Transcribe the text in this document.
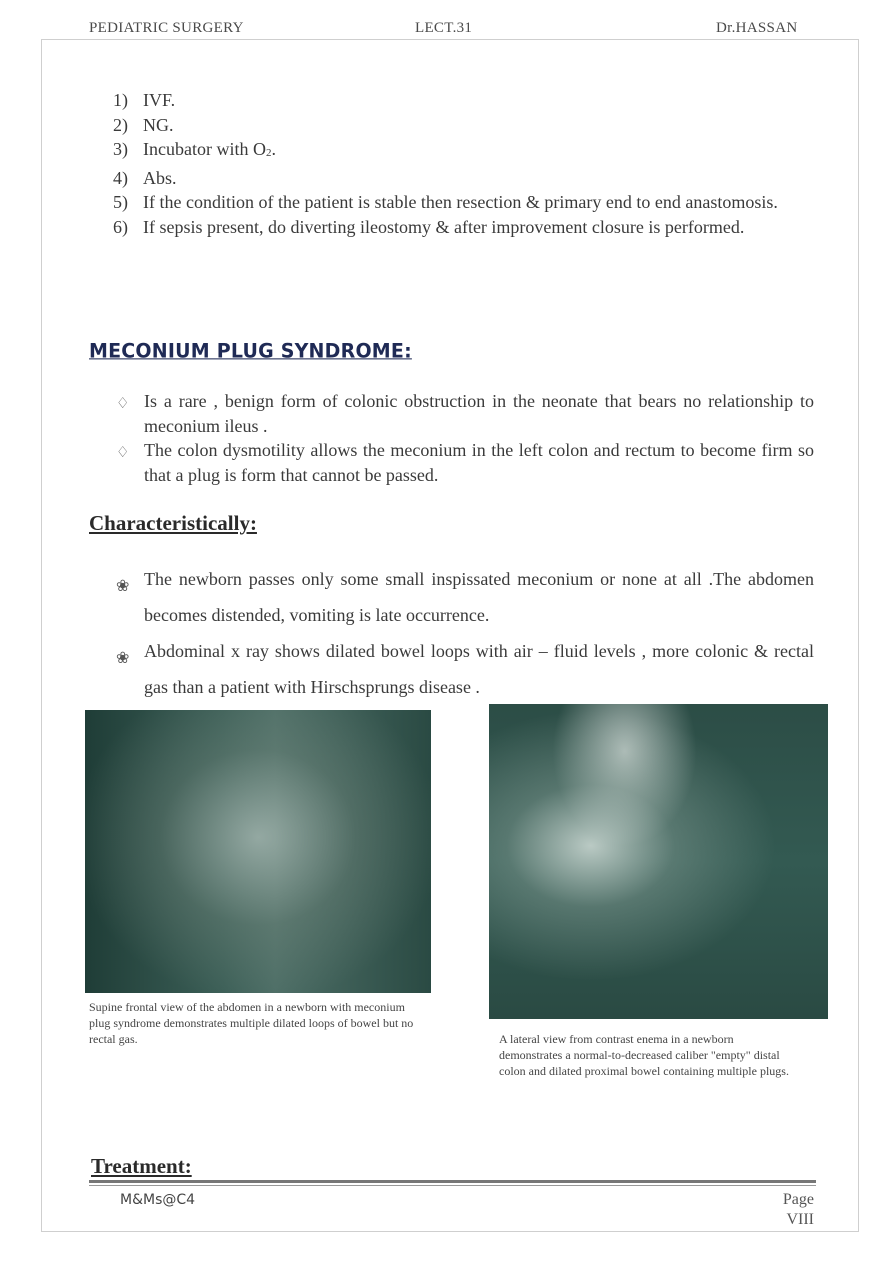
PEDIATRIC SURGERY	LECT.31	Dr.HASSAN
1) IVF.
2) NG.
3) Incubator with $O_2$.
4) Abs.
5) If the condition of the patient is stable then resection & primary end to end anastomosis.
6) If sepsis present, do diverting ileostomy & after improvement closure is performed.
MECONIUM PLUG SYNDROME:
♢ Is a rare , benign form of colonic obstruction in the neonate that bears no relationship to meconium ileus .
♢ The colon dysmotility allows the meconium in the left colon and rectum to become firm so that a plug is form that cannot be passed.
Characteristically:
❀ The newborn passes only some small inspissated meconium or none at all .The abdomen becomes distended, vomiting is late occurrence.
❀ Abdominal x ray shows dilated bowel loops with air – fluid levels , more colonic & rectal gas than a patient with Hirschsprungs disease .
Supine frontal view of the abdomen in a newborn with meconium plug syndrome demonstrates multiple dilated loops of bowel but no rectal gas.	A lateral view from contrast enema in a newborn demonstrates a normal-to-decreased caliber "empty" distal colon and dilated proximal bowel containing multiple plugs.
Treatment:
M&Ms@C4	Page
VIII
